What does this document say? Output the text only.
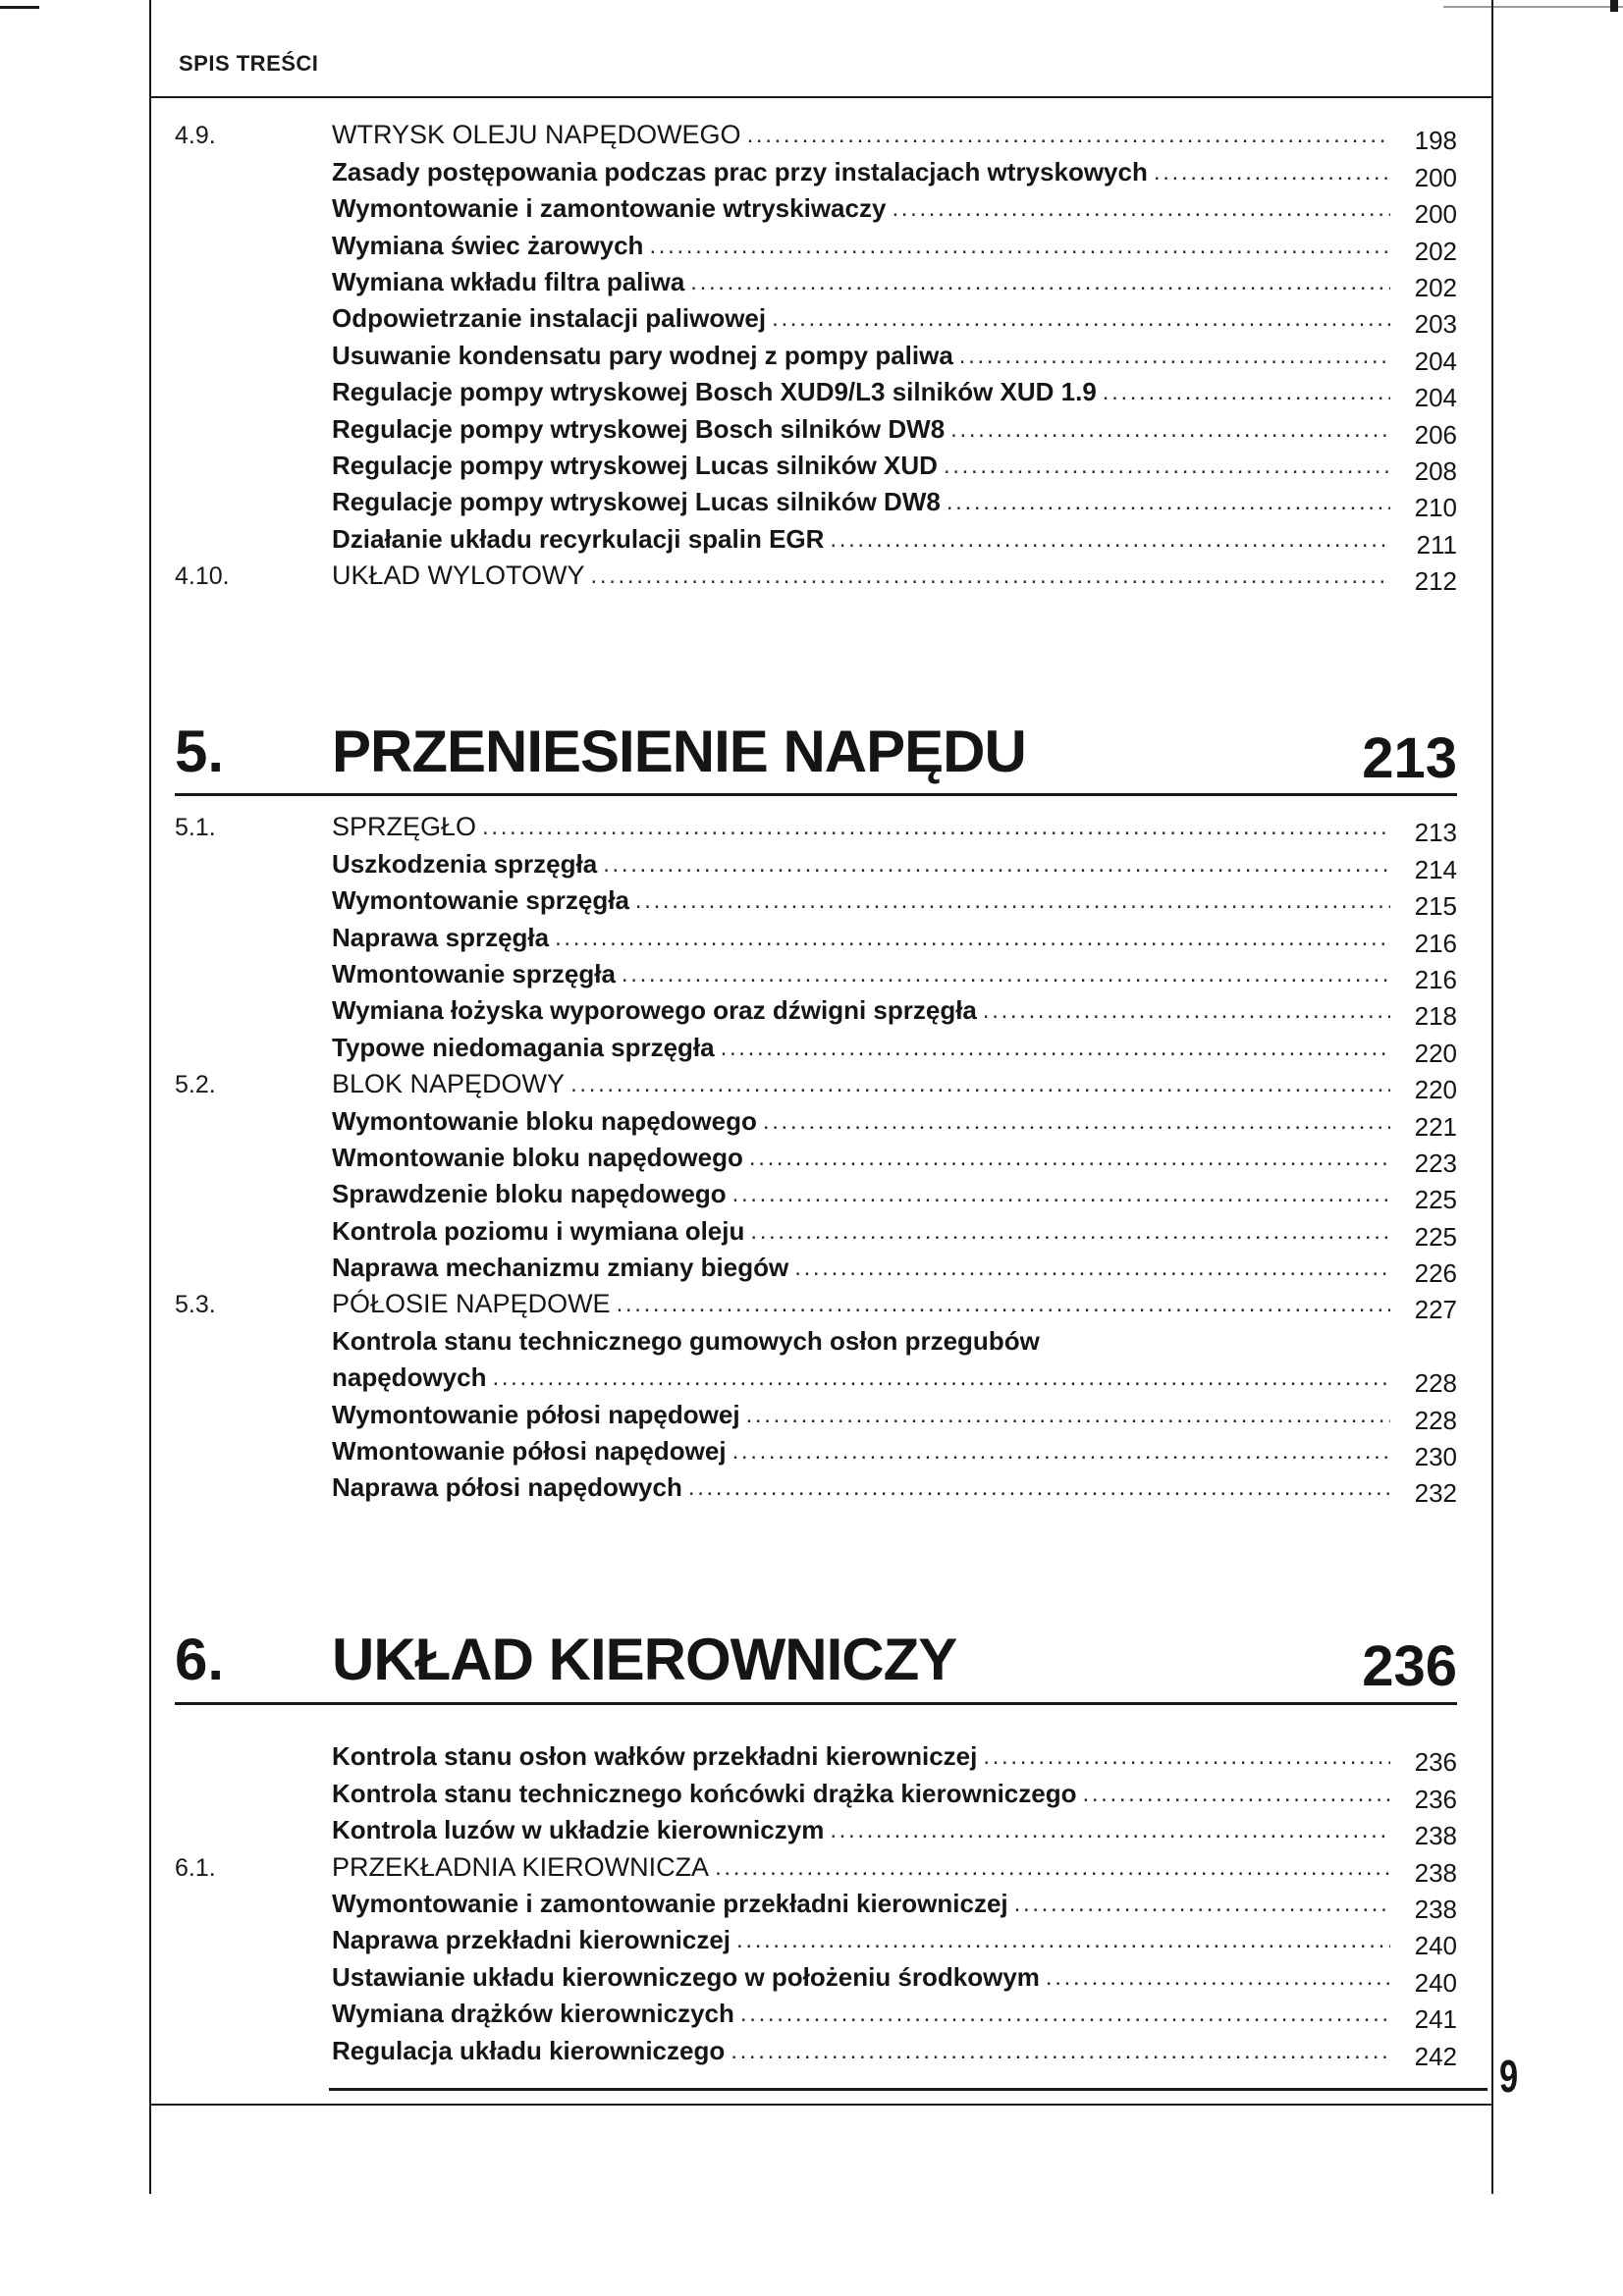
SPIS TREŚCI
4.9.	WTRYSK OLEJU NAPĘDOWEGO . . .	198
Zasady postępowania podczas prac przy instalacjach wtryskowych . . .	200
Wymontowanie i zamontowanie wtryskiwaczy . . .	200
Wymiana świec żarowych . . .	202
Wymiana wkładu filtra paliwa . . .	202
Odpowietrzanie instalacji paliwowej . . .	203
Usuwanie kondensatu pary wodnej z pompy paliwa . . .	204
Regulacje pompy wtryskowej Bosch XUD9/L3 silników XUD 1.9 . . .	204
Regulacje pompy wtryskowej Bosch silników DW8 . . .	206
Regulacje pompy wtryskowej Lucas silników XUD . . .	208
Regulacje pompy wtryskowej Lucas silników DW8 . . .	210
Działanie układu recyrkulacji spalin EGR . . .	211
4.10.	UKŁAD WYLOTOWY . . .	212
5.	PRZENIESIENIE NAPĘDU	213
5.1.	SPRZĘGŁO . . .	213
Uszkodzenia sprzęgła . . .	214
Wymontowanie sprzęgła . . .	215
Naprawa sprzęgła . . .	216
Wmontowanie sprzęgła . . .	216
Wymiana łożyska wyporowego oraz dźwigni sprzęgła . . .	218
Typowe niedomagania sprzęgła . . .	220
5.2.	BLOK NAPĘDOWY . . .	220
Wymontowanie bloku napędowego . . .	221
Wmontowanie bloku napędowego . . .	223
Sprawdzenie bloku napędowego . . .	225
Kontrola poziomu i wymiana oleju . . .	225
Naprawa mechanizmu zmiany biegów . . .	226
5.3.	PÓŁOSIE NAPĘDOWE . . .	227
Kontrola stanu technicznego gumowych osłon przegubów
napędowych . . .	228
Wymontowanie półosi napędowej . . .	228
Wmontowanie półosi napędowej . . .	230
Naprawa półosi napędowych . . .	232
6.	UKŁAD KIEROWNICZY	236
Kontrola stanu osłon wałków przekładni kierowniczej . . .	236
Kontrola stanu technicznego końcówki drążka kierowniczego . . .	236
Kontrola luzów w układzie kierowniczym . . .	238
6.1.	PRZEKŁADNIA KIEROWNICZA . . .	238
Wymontowanie i zamontowanie przekładni kierowniczej . . .	238
Naprawa przekładni kierowniczej . . .	240
Ustawianie układu kierowniczego w położeniu środkowym . . .	240
Wymiana drążków kierowniczych . . .	241
Regulacja układu kierowniczego . . .	242 9
